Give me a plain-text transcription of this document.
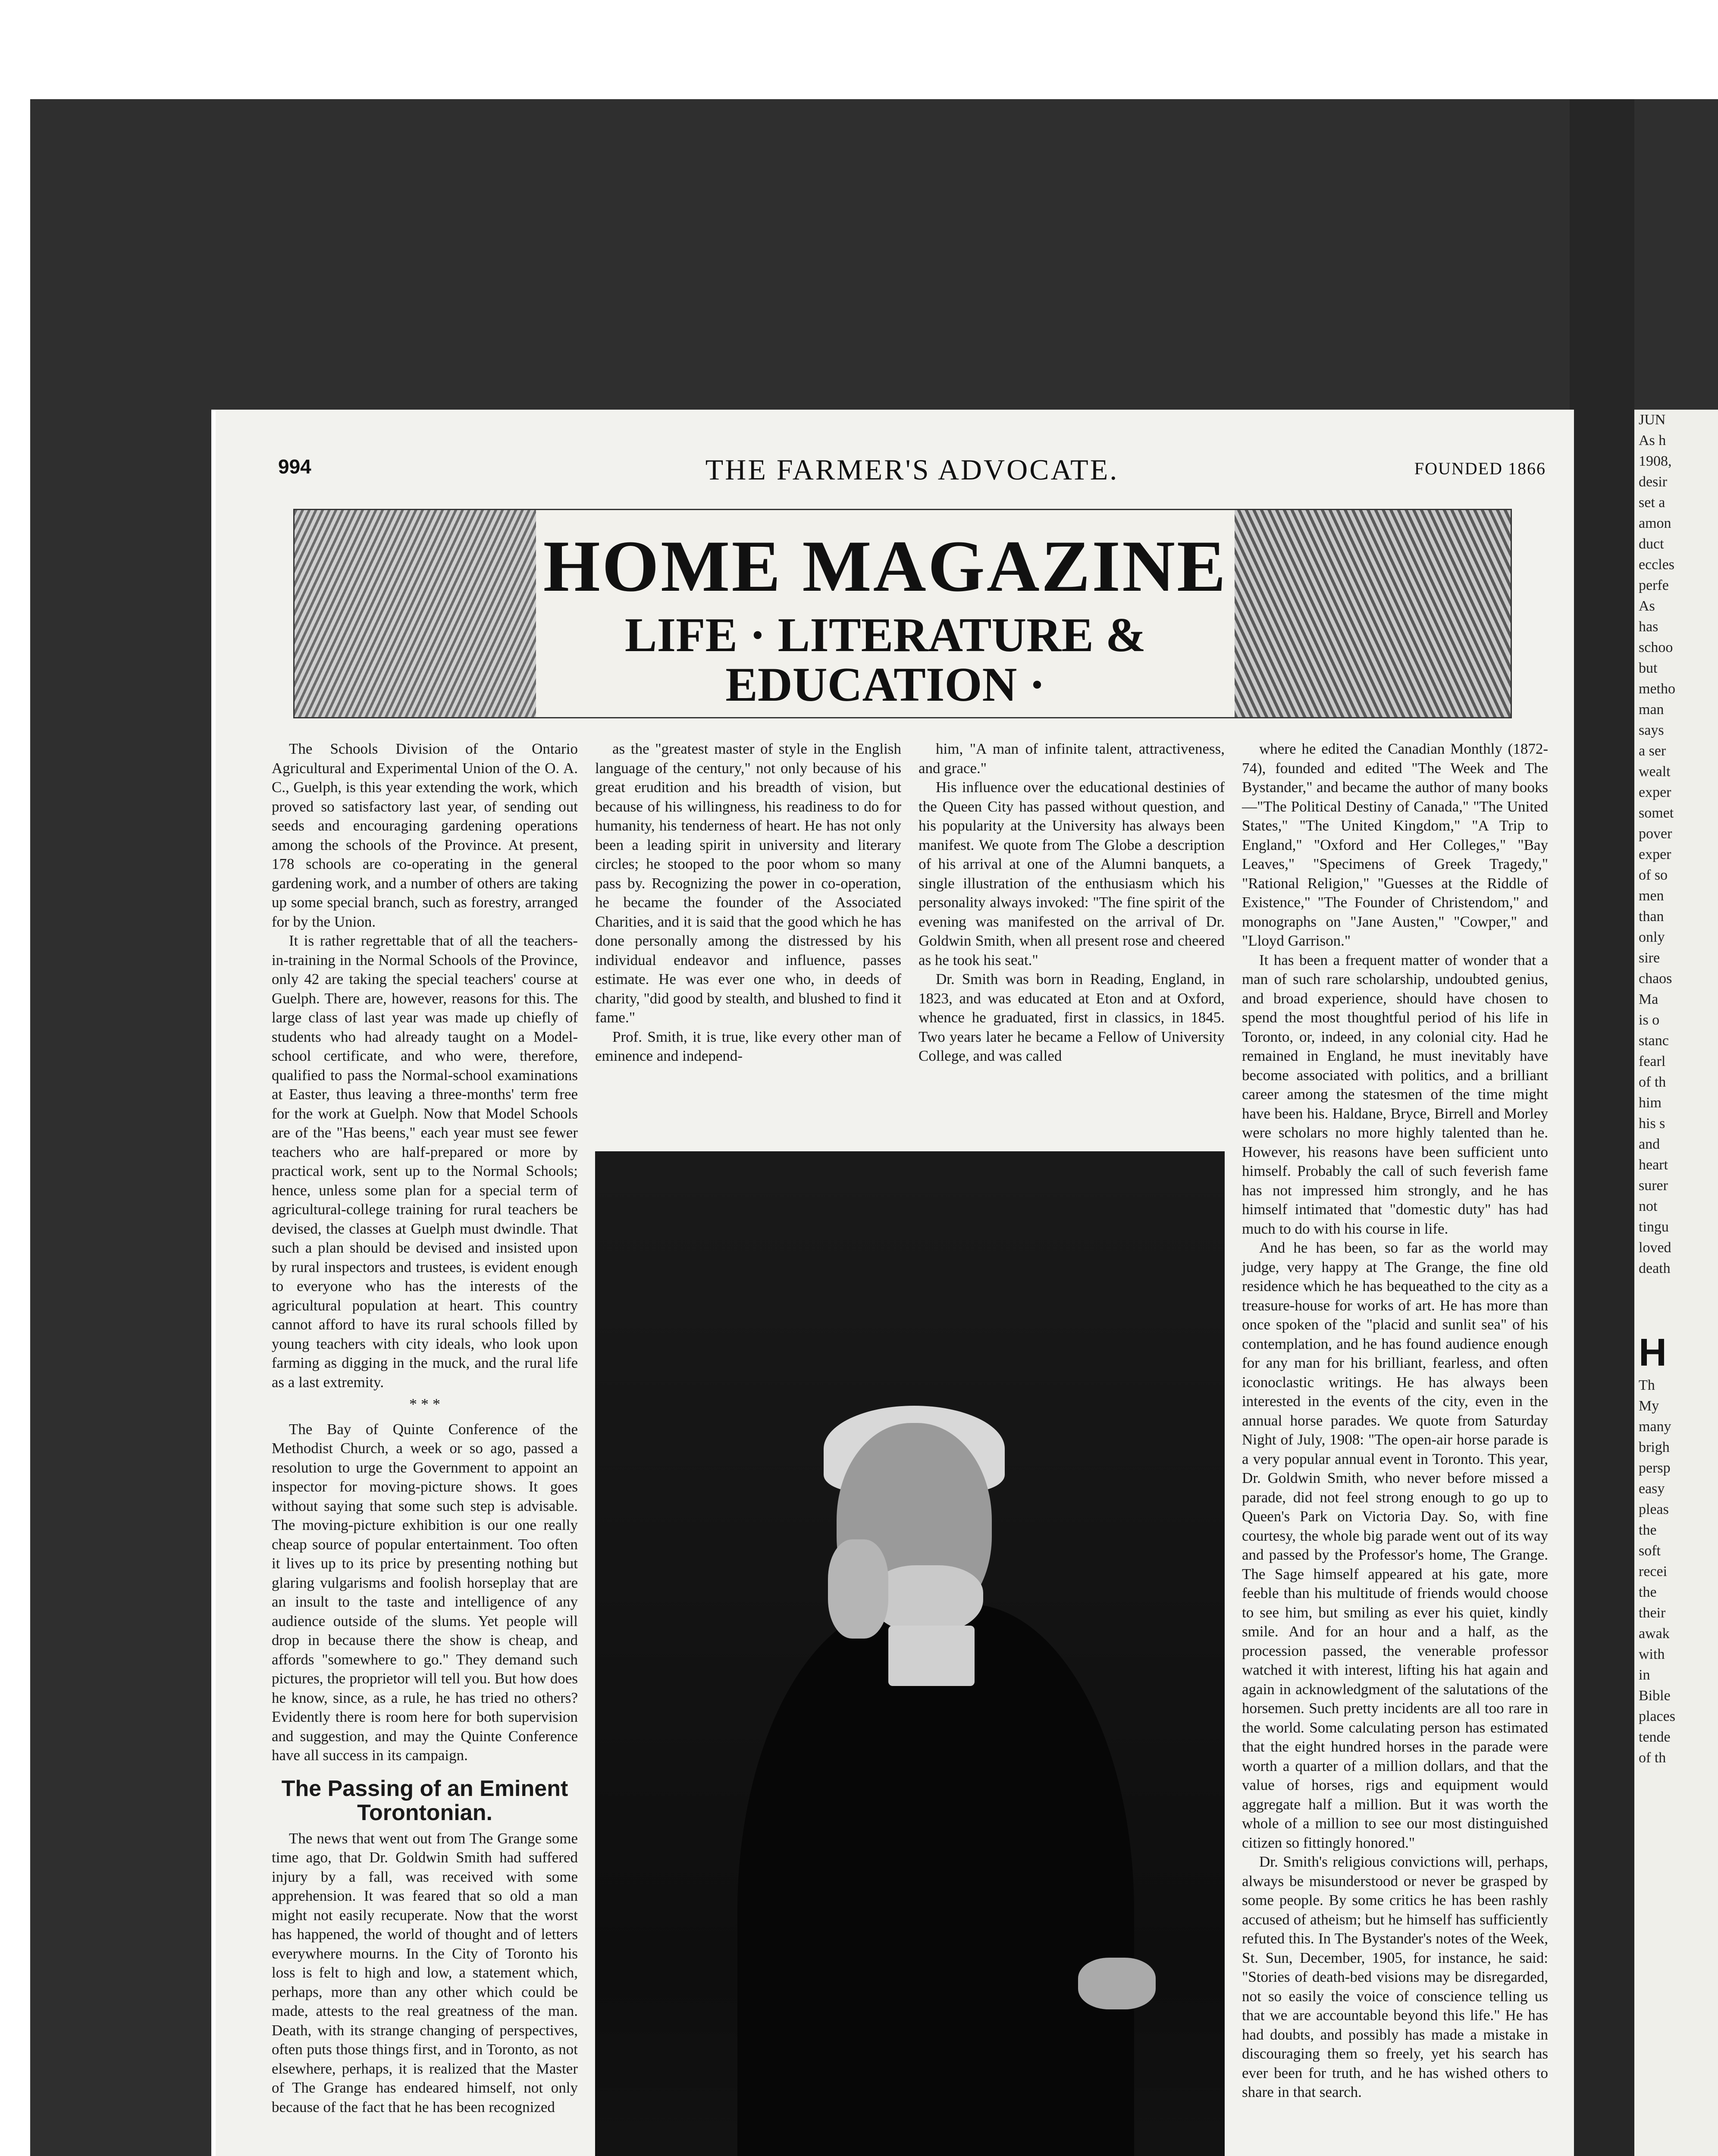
994	THE FARMER'S ADVOCATE.	FOUNDED 1866
HOME MAGAZINE
LIFE · LITERATURE &
EDUCATION ·

The Schools Division of the Ontario Agricultural and Experimental Union of the O. A. C., Guelph, is this year extending the work, which proved so satisfactory last year, of sending out seeds and encouraging gardening operations among the schools of the Province. At present, 178 schools are co-operating in the general gardening work, and a number of others are taking up some special branch, such as forestry, arranged for by the Union.

It is rather regrettable that of all the teachers-in-training in the Normal Schools of the Province, only 42 are taking the special teachers' course at Guelph. There are, however, reasons for this. The large class of last year was made up chiefly of students who had already taught on a Model-school certificate, and who were, therefore, qualified to pass the Normal-school examinations at Easter, thus leaving a three-months' term free for the work at Guelph. Now that Model Schools are of the "Has beens," each year must see fewer teachers who are half-prepared or more by practical work, sent up to the Normal Schools; hence, unless some plan for a special term of agricultural-college training for rural teachers be devised, the classes at Guelph must dwindle. That such a plan should be devised and insisted upon by rural inspectors and trustees, is evident enough to everyone who has the interests of the agricultural population at heart. This country cannot afford to have its rural schools filled by young teachers with city ideals, who look upon farming as digging in the muck, and the rural life as a last extremity.

* * *

The Bay of Quinte Conference of the Methodist Church, a week or so ago, passed a resolution to urge the Government to appoint an inspector for moving-picture shows. It goes without saying that some such step is advisable. The moving-picture exhibition is our one really cheap source of popular entertainment. Too often it lives up to its price by presenting nothing but glaring vulgarisms and foolish horseplay that are an insult to the taste and intelligence of any audience outside of the slums. Yet people will drop in because there the show is cheap, and affords "somewhere to go." They demand such pictures, the proprietor will tell you. But how does he know, since, as a rule, he has tried no others? Evidently there is room here for both supervision and suggestion, and may the Quinte Conference have all success in its campaign.

The Passing of an Eminent Torontonian.

The news that went out from The Grange some time ago, that Dr. Goldwin Smith had suffered injury by a fall, was received with some apprehension. It was feared that so old a man might not easily recuperate. Now that the worst has happened, the world of thought and of letters everywhere mourns. In the City of Toronto his loss is felt to high and low, a statement which, perhaps, more than any other which could be made, attests to the real greatness of the man. Death, with its strange changing of perspectives, often puts those things first, and in Toronto, as not elsewhere, perhaps, it is realized that the Master of The Grange has endeared himself, not only because of the fact that he has been recognized

as the "greatest master of style in the English language of the century," not only because of his great erudition and his breadth of vision, but because of his willingness, his readiness to do for humanity, his tenderness of heart. He has not only been a leading spirit in university and literary circles; he stooped to the poor whom so many pass by. Recognizing the power in co-operation, he became the founder of the Associated Charities, and it is said that the good which he has done personally among the distressed by his individual endeavor and influence, passes estimate. He was ever one who, in deeds of charity, "did good by stealth, and blushed to find it fame."

Prof. Smith, it is true, like every other man of eminence and independ-

him, "A man of infinite talent, attractiveness, and grace."

His influence over the educational destinies of the Queen City has passed without question, and his popularity at the University has always been manifest. We quote from The Globe a description of his arrival at one of the Alumni banquets, a single illustration of the enthusiasm which his personality always invoked: "The fine spirit of the evening was manifested on the arrival of Dr. Goldwin Smith, when all present rose and cheered as he took his seat."

Dr. Smith was born in Reading, England, in 1823, and was educated at Eton and at Oxford, whence he graduated, first in classics, in 1845. Two years later he became a Fellow of University College, and was called

where he edited the Canadian Monthly (1872-74), founded and edited "The Week and The Bystander," and became the author of many books—"The Political Destiny of Canada," "The United States," "The United Kingdom," "A Trip to England," "Oxford and Her Colleges," "Bay Leaves," "Specimens of Greek Tragedy," "Rational Religion," "Guesses at the Riddle of Existence," "The Founder of Christendom," and monographs on "Jane Austen," "Cowper," and "Lloyd Garrison."

It has been a frequent matter of wonder that a man of such rare scholarship, undoubted genius, and broad experience, should have chosen to spend the most thoughtful period of his life in Toronto, or, indeed, in any colonial city. Had he remained in England, he must inevitably have become associated with politics, and a brilliant career among the statesmen of the time might have been his. Haldane, Bryce, Birrell and Morley were scholars no more highly talented than he. However, his reasons have been sufficient unto himself. Probably the call of such feverish fame has not impressed him strongly, and he has himself intimated that "domestic duty" has had much to do with his course in life.

And he has been, so far as the world may judge, very happy at The Grange, the fine old residence which he has bequeathed to the city as a treasure-house for works of art. He has more than once spoken of the "placid and sunlit sea" of his contemplation, and he has found audience enough for any man for his brilliant, fearless, and often iconoclastic writings. He has always been interested in the events of the city, even in the annual horse parades. We quote from Saturday Night of July, 1908: "The open-air horse parade is a very popular annual event in Toronto. This year, Dr. Goldwin Smith, who never before missed a parade, did not feel strong enough to go up to Queen's Park on Victoria Day. So, with fine courtesy, the whole big parade went out of its way and passed by the Professor's home, The Grange. The Sage himself appeared at his gate, more feeble than his multitude of friends would choose to see him, but smiling as ever his quiet, kindly smile. And for an hour and a half, as the procession passed, the venerable professor watched it with interest, lifting his hat again and again in acknowledgment of the salutations of the horsemen. Such pretty incidents are all too rare in the world. Some calculating person has estimated that the eight hundred horses in the parade were worth a quarter of a million dollars, and that the value of horses, rigs and equipment would aggregate half a million. But it was worth the whole of a million to see our most distinguished citizen so fittingly honored."

Dr. Smith's religious convictions will, perhaps, always be misunderstood or never be grasped by some people. By some critics he has been rashly accused of atheism; but he himself has sufficiently refuted this. In The Bystander's notes of the Week, St. Sun, December, 1905, for instance, he said: "Stories of death-bed visions may be disregarded, not so easily the voice of conscience telling us that we are accountable beyond this life." He has had doubts, and possibly has made a mistake in discouraging them so freely, yet his search has ever been for truth, and he has wished others to share in that search.

JUN
As h
1908,
desir
set a
amon
duct
eccles
perfe
As
has
schoo
but
metho
man
says
a ser
wealt
exper
somet
pover
exper
of so
men
than
only
sire
chaos
Ma
is o
stanc
fearl
of th
him
his s
and
heart
surer
not
tingu
loved
death
H
Th
My
many
brigh
persp
easy
pleas
the
soft
recei
the
their
awak
with
in
Bible
places
tende
of th
